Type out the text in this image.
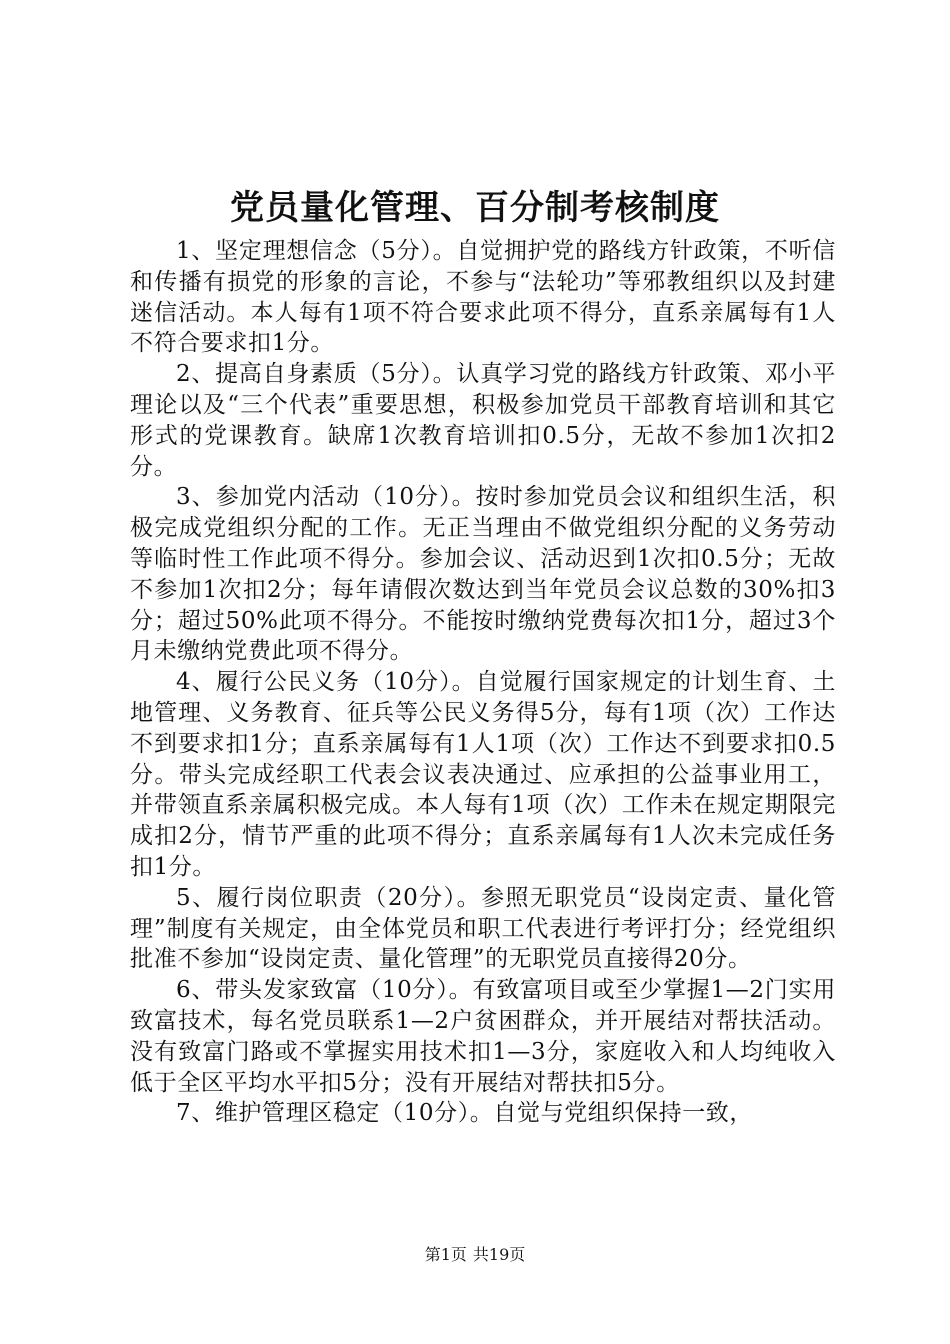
党员量化管理、百分制考核制度

1、坚定理想信念（5分）。自觉拥护党的路线方针政策，不听信和传播有损党的形象的言论，不参与“法轮功”等邪教组织以及封建迷信活动。本人每有1项不符合要求此项不得分，直系亲属每有1人不符合要求扣1分。

2、提高自身素质（5分）。认真学习党的路线方针政策、邓小平理论以及“三个代表”重要思想，积极参加党员干部教育培训和其它形式的党课教育。缺席1次教育培训扣0.5分，无故不参加1次扣2分。

3、参加党内活动（10分）。按时参加党员会议和组织生活，积极完成党组织分配的工作。无正当理由不做党组织分配的义务劳动等临时性工作此项不得分。参加会议、活动迟到1次扣0.5分；无故不参加1次扣2分；每年请假次数达到当年党员会议总数的30%扣3分；超过50%此项不得分。不能按时缴纳党费每次扣1分，超过3个月未缴纳党费此项不得分。

4、履行公民义务（10分）。自觉履行国家规定的计划生育、土地管理、义务教育、征兵等公民义务得5分，每有1项（次）工作达不到要求扣1分；直系亲属每有1人1项（次）工作达不到要求扣0.5分。带头完成经职工代表会议表决通过、应承担的公益事业用工，并带领直系亲属积极完成。本人每有1项（次）工作未在规定期限完成扣2分，情节严重的此项不得分；直系亲属每有1人次未完成任务扣1分。

5、履行岗位职责（20分）。参照无职党员“设岗定责、量化管理”制度有关规定，由全体党员和职工代表进行考评打分；经党组织批准不参加“设岗定责、量化管理”的无职党员直接得20分。

6、带头发家致富（10分）。有致富项目或至少掌握1—2门实用致富技术，每名党员联系1—2户贫困群众，并开展结对帮扶活动。没有致富门路或不掌握实用技术扣1—3分，家庭收入和人均纯收入低于全区平均水平扣5分；没有开展结对帮扶扣5分。

7、维护管理区稳定（10分）。自觉与党组织保持一致，

第1页 共19页
